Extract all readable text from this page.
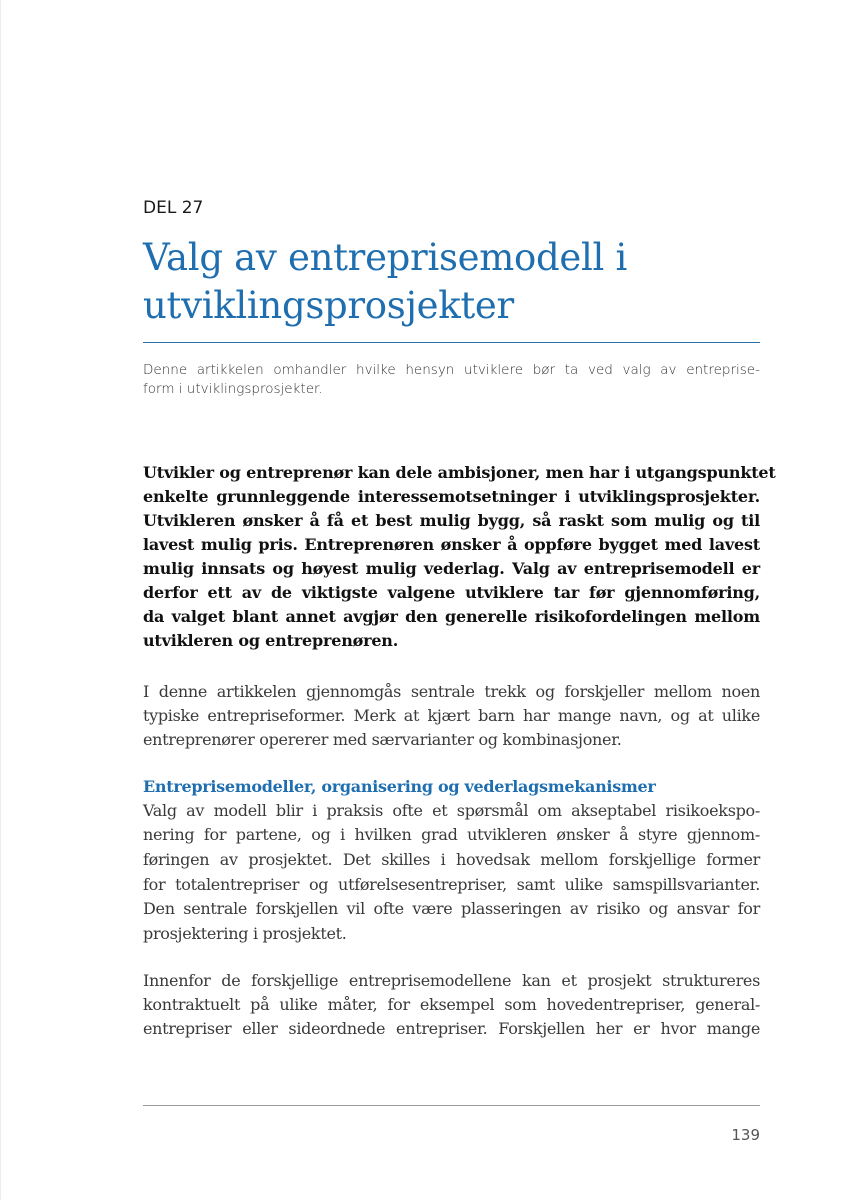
DEL 27
Valg av entreprisemodell i
utviklingsprosjekter
Denne artikkelen omhandler hvilke hensyn utviklere bør ta ved valg av entreprise-
form i utviklingsprosjekter.
Utvikler og entreprenør kan dele ambisjoner, men har i utgangspunktet
enkelte grunnleggende interessemotsetninger i utviklingsprosjekter.
Utvikleren ønsker å få et best mulig bygg, så raskt som mulig og til
lavest mulig pris. Entreprenøren ønsker å oppføre bygget med lavest
mulig innsats og høyest mulig vederlag. Valg av entreprisemodell er
derfor ett av de viktigste valgene utviklere tar før gjennomføring,
da valget blant annet avgjør den generelle risikofordelingen mellom
utvikleren og entreprenøren.
I denne artikkelen gjennomgås sentrale trekk og forskjeller mellom noen
typiske entrepriseformer. Merk at kjært barn har mange navn, og at ulike
entreprenører opererer med særvarianter og kombinasjoner.
Entreprisemodeller, organisering og vederlagsmekanismer
Valg av modell blir i praksis ofte et spørsmål om akseptabel risikoekspo-
nering for partene, og i hvilken grad utvikleren ønsker å styre gjennom-
føringen av prosjektet. Det skilles i hovedsak mellom forskjellige former
for totalentrepriser og utførelsesentrepriser, samt ulike samspillsvarianter.
Den sentrale forskjellen vil ofte være plasseringen av risiko og ansvar for
prosjektering i prosjektet.
Innenfor de forskjellige entreprisemodellene kan et prosjekt struktureres
kontraktuelt på ulike måter, for eksempel som hovedentrepriser, general-
entrepriser eller sideordnede entrepriser. Forskjellen her er hvor mange
139
